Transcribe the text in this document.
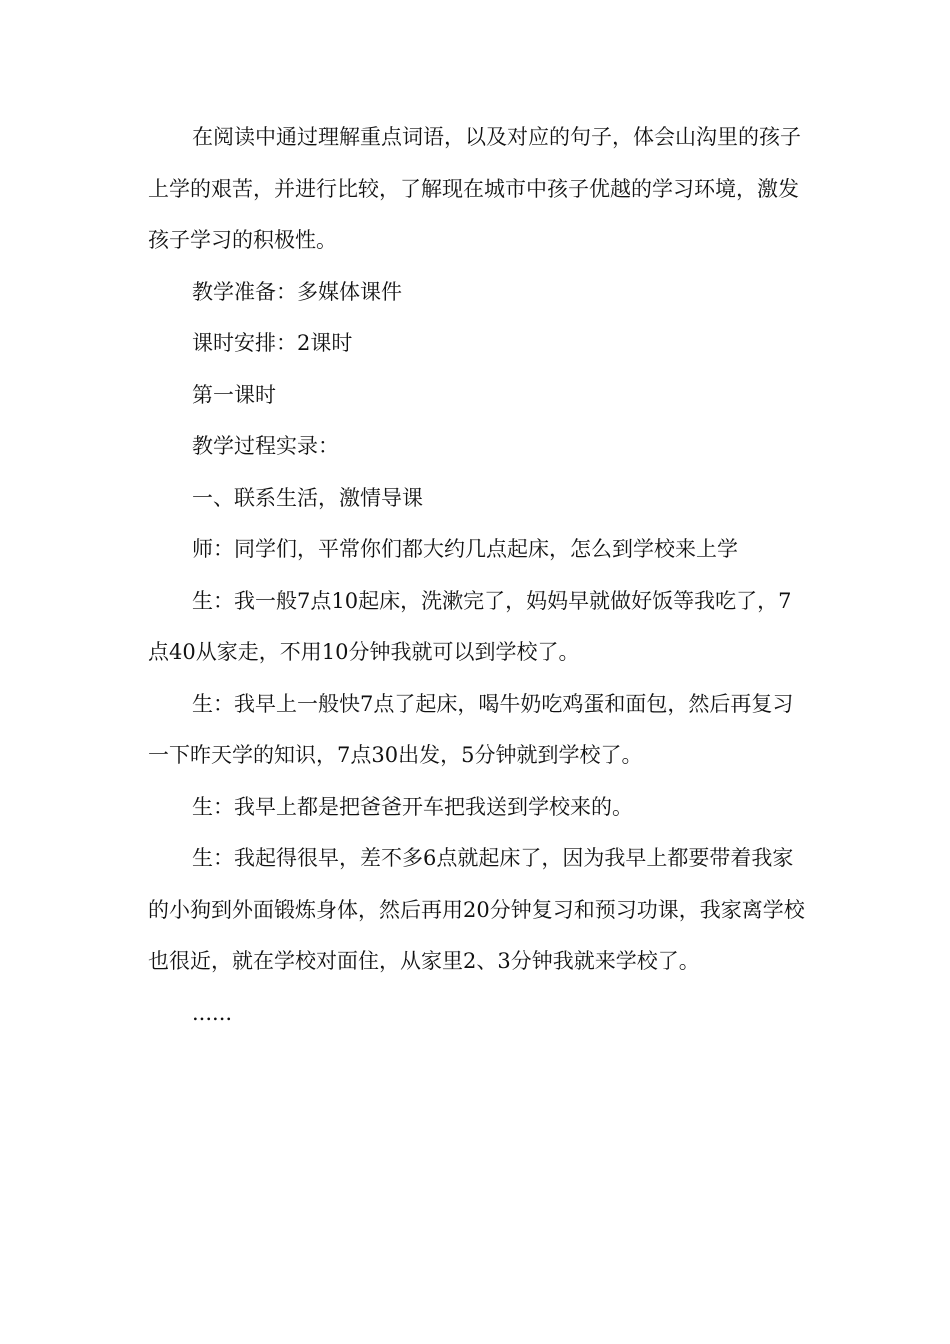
在阅读中通过理解重点词语，以及对应的句子，体会山沟里的孩子上学的艰苦，并进行比较，了解现在城市中孩子优越的学习环境，激发孩子学习的积极性。

教学准备：多媒体课件

课时安排：2课时

第一课时

教学过程实录：

一、联系生活，激情导课

师：同学们，平常你们都大约几点起床，怎么到学校来上学

生：我一般7点10起床，洗漱完了，妈妈早就做好饭等我吃了，7点40从家走，不用10分钟我就可以到学校了。

生：我早上一般快7点了起床，喝牛奶吃鸡蛋和面包，然后再复习一下昨天学的知识，7点30出发，5分钟就到学校了。

生：我早上都是把爸爸开车把我送到学校来的。

生：我起得很早，差不多6点就起床了，因为我早上都要带着我家的小狗到外面锻炼身体，然后再用20分钟复习和预习功课，我家离学校也很近，就在学校对面住，从家里2、3分钟我就来学校了。

......
